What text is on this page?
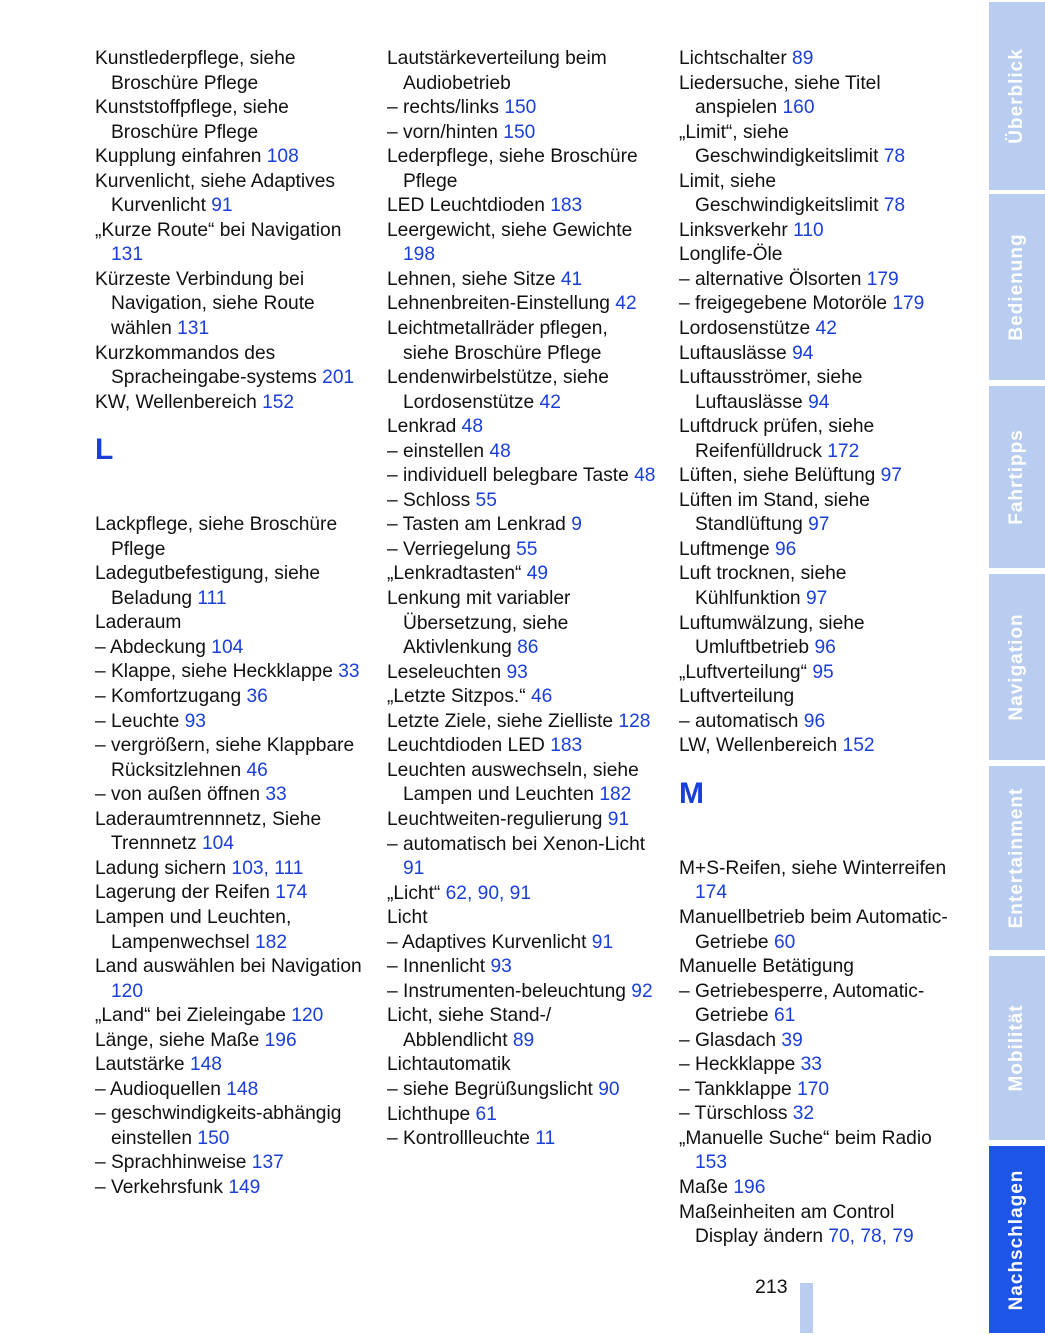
Kunstlederpflege, siehe Broschüre Pflege
Kunststoffpflege, siehe Broschüre Pflege
Kupplung einfahren 108
Kurvenlicht, siehe Adaptives Kurvenlicht 91
„Kurze Route“ bei Navigation 131
Kürzeste Verbindung bei Navigation, siehe Route wählen 131
Kurzkommandos des Spracheingabe-systems 201
KW, Wellenbereich 152
L
Lackpflege, siehe Broschüre Pflege
Ladegutbefestigung, siehe Beladung 111
Laderaum
– Abdeckung 104
– Klappe, siehe Heckklappe 33
– Komfortzugang 36
– Leuchte 93
– vergrößern, siehe Klappbare Rücksitzlehnen 46
– von außen öffnen 33
Laderaumtrennnetz, Siehe Trennnetz 104
Ladung sichern 103, 111
Lagerung der Reifen 174
Lampen und Leuchten, Lampenwechsel 182
Land auswählen bei Navigation 120
„Land“ bei Zieleingabe 120
Länge, siehe Maße 196
Lautstärke 148
– Audioquellen 148
– geschwindigkeits-abhängig einstellen 150
– Sprachhinweise 137
– Verkehrsfunk 149
Lautstärkeverteilung beim Audiobetrieb
– rechts/links 150
– vorn/hinten 150
Lederpflege, siehe Broschüre Pflege
LED Leuchtdioden 183
Leergewicht, siehe Gewichte 198
Lehnen, siehe Sitze 41
Lehnenbreiten-Einstellung 42
Leichtmetallräder pflegen, siehe Broschüre Pflege
Lendenwirbelstütze, siehe Lordosenstütze 42
Lenkrad 48
– einstellen 48
– individuell belegbare Taste 48
– Schloss 55
– Tasten am Lenkrad 9
– Verriegelung 55
„Lenkradtasten“ 49
Lenkung mit variabler Übersetzung, siehe Aktivlenkung 86
Leseleuchten 93
„Letzte Sitzpos.“ 46
Letzte Ziele, siehe Zielliste 128
Leuchtdioden LED 183
Leuchten auswechseln, siehe Lampen und Leuchten 182
Leuchtweiten-regulierung 91
– automatisch bei Xenon-Licht 91
„Licht“ 62, 90, 91
Licht
– Adaptives Kurvenlicht 91
– Innenlicht 93
– Instrumenten-beleuchtung 92
Licht, siehe Stand-/ Abblendlicht 89
Lichtautomatik
– siehe Begrüßungslicht 90
Lichthupe 61
– Kontrollleuchte 11
Lichtschalter 89
Liedersuche, siehe Titel anspielen 160
„Limit“, siehe Geschwindigkeitslimit 78
Limit, siehe Geschwindigkeitslimit 78
Linksverkehr 110
Longlife-Öle
– alternative Ölsorten 179
– freigegebene Motoröle 179
Lordosenstütze 42
Luftauslässe 94
Luftausströmer, siehe Luftauslässe 94
Luftdruck prüfen, siehe Reifenfülldruck 172
Lüften, siehe Belüftung 97
Lüften im Stand, siehe Standlüftung 97
Luftmenge 96
Luft trocknen, siehe Kühlfunktion 97
Luftumwälzung, siehe Umluftbetrieb 96
„Luftverteilung“ 95
Luftverteilung
– automatisch 96
LW, Wellenbereich 152
M
M+S-Reifen, siehe Winterreifen 174
Manuellbetrieb beim Automatic-Getriebe 60
Manuelle Betätigung
– Getriebesperre, Automatic-Getriebe 61
– Glasdach 39
– Heckklappe 33
– Tankklappe 170
– Türschloss 32
„Manuelle Suche“ beim Radio 153
Maße 196
Maßeinheiten am Control Display ändern 70, 78, 79
Überblick
Bedienung
Fahrtipps
Navigation
Entertainment
Mobilität
Nachschlagen
213
